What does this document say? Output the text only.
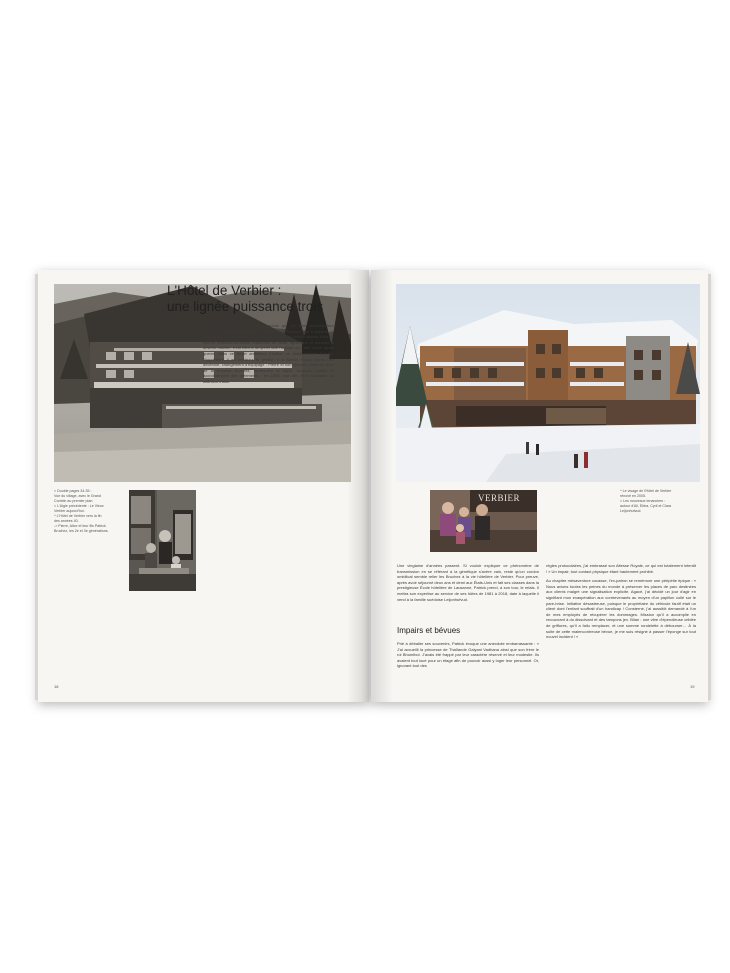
< Double pages 34-35 :
Vue du village, avec le Grand
Combin au premier plan.
< L'Aigle précédente : Le Vieux
Verbier aujourd'hui.
^ L'Hôtel de Verbier vers la fin
des années 40.
-> Pierre, Alice et leur fils Patrick
Bruchez, les 2e et 3e générations.
L'Hôtel de Verbier :
une lignée puissance trois

Alexis, Pierre, Patrick… Trois prénoms qui ont pour dénominateur commun d'appartenir tous à la dynastie des Bruchez, qui a présidé du grand-père en petit-fils à la destinée de l'Hôtel de Verbier depuis 1944. Si rien ne prédestinait Alexis, marchand de bétail, agriculteur et boucher, à devenir hôtelier, c'est bien à lui qu'on doit l'audace de s'être lancé, après guerre, dans ce projet ambitieux d'édifier un établissement hôtelier. Propriétaire, il en confierra la gestion à la famille Fusay. Après une décennie, changement d'équipage : Pierre et son épouse, numéros deux de la branche Bruchez, reprennent la barre. Nouveau souffle et accroissement des gréements : en 1958, une aile vient s'adosser au bâtiment initial.

18
VERBIER
^ Le visage de l'Hôtel de Verbier
rénové en 2005.
< Les nouveaux tenanciers :
autour d'Ali, Ebba, Cyril et Clara
Leijonhufvud.

Une vingtaine d'années passent. Si vouloir expliquer ce phénomène de transmission en se référant à la génétique s'avère vain, reste qu'un cordon ombilical semble relier les Bruchez à la vie hôtelière de Verbier. Pour preuve, après avoir séjourné deux ans et demi aux États-Unis et fait ses classes dans la prestigieuse École hôtelière de Lausanne, Patrick prend, à son tour, le relais. Il mettra son expertise au service de ses hôtes de 1981 à 2018, date à laquelle il vend à la famille suédoise Leijonhufvud.

Impairs et bévues

Prié à déballer ses souvenirs, Patrick évoque une anecdote embarrassante : « J'ai accueilli la princesse de Thaïlande Galyani Vadhana ainsi que son frère le roi Bhumibol. J'avais été frappé par leur caractère réservé et leur modestie. Ils avaient tout loué pour un étage afin de pouvoir aussi y loger leur personnel. Or, ignorant tout des

règles protocolaires, j'ai embrassé son Altesse Royale, ce qui est totalement interdit ! » Un impair, tout contact physique étant hautement prohibé.

Au chapitre mésaventure cocasse, l'ex-patron se remémore une péripétie épique : « Nous avions toutes les peines du monde à préserver les places de parc destinées aux clients malgré une signalisation explicite. Agacé, j'ai décidé un jour d'agir en signifiant mon exaspération aux contrevenants au moyen d'un papillon collé sur le pare-brise. Initiative désastreuse, puisque le propriétaire du véhicule fautif était un client dont l'enfant souffrait d'un handicap ! Consterné, j'ai aussitôt demandé à l'un de mes employés de récupérer les dommages. Mission qu'il a accomplie en recouvrant à du dissolvant et des tampons jex. Bilan : une vitre d'épendieuse criblée de griffures, qu'il a fallu remplacer, et une somme rondelette à débourser… À la suite de cette malencontreuse bévue, je me suis résigné à passer l'éponge sur tout nouvel incident ! »

19
